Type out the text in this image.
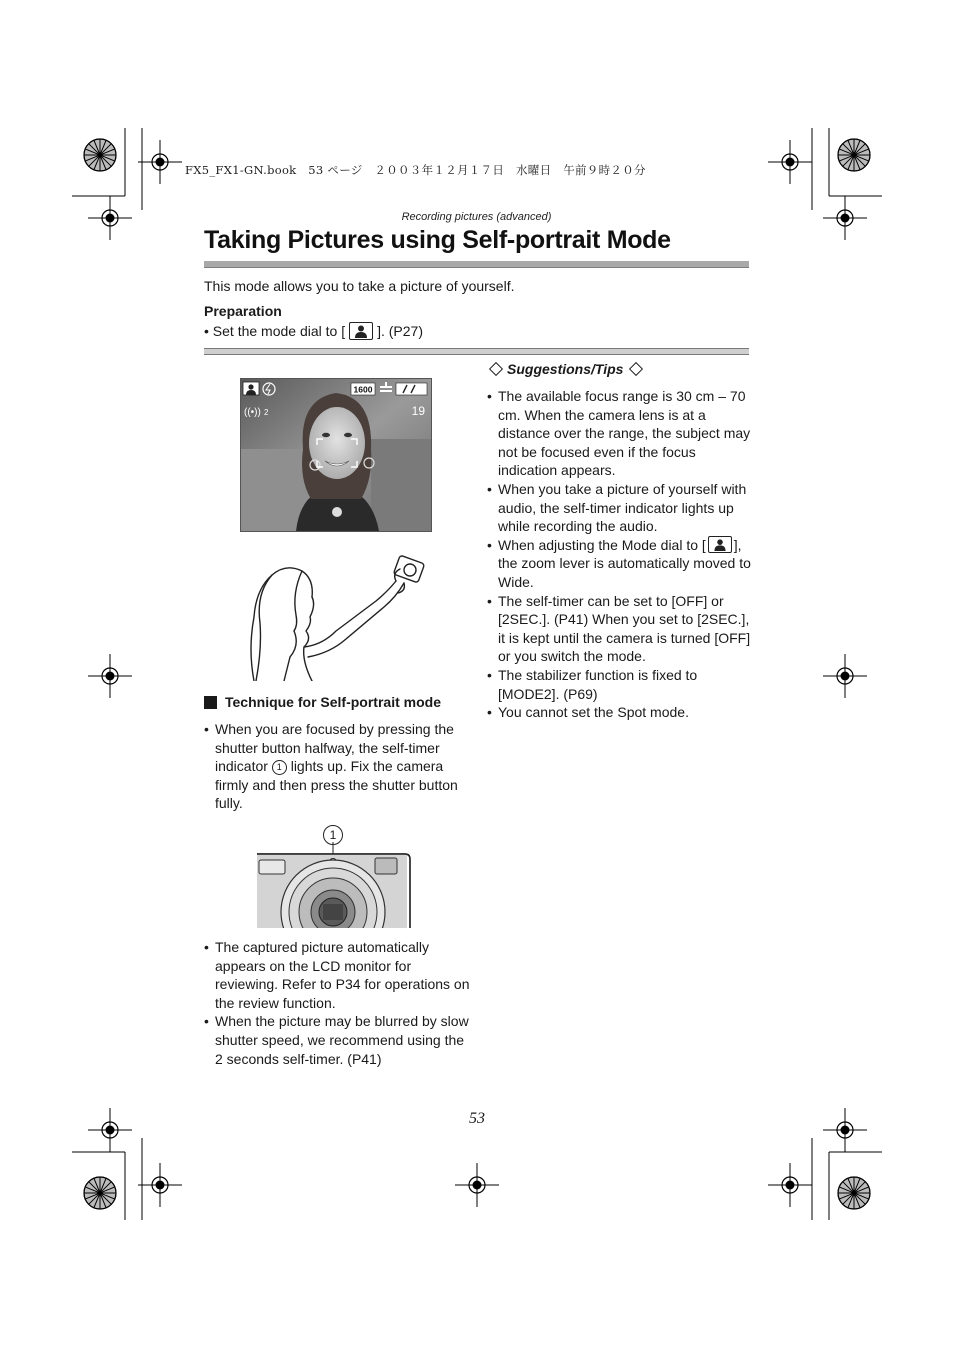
FX5_FX1-GN.book　53 ページ　２００３年１２月１７日　水曜日　午前９時２０分
Recording pictures (advanced)
Taking Pictures using Self-portrait Mode
This mode allows you to take a picture of yourself.
Preparation
• Set the mode dial to [ ]. (P27)
1600
((•)) 2	19
Technique for Self-portrait mode
• When you are focused by pressing the shutter button halfway, the self-timer indicator 1 lights up. Fix the camera firmly and then press the shutter button fully.
1
• The captured picture automatically appears on the LCD monitor for reviewing. Refer to P34 for operations on the review function.
• When the picture may be blurred by slow shutter speed, we recommend using the 2 seconds self-timer. (P41)
Suggestions/Tips
• The available focus range is 30 cm – 70 cm. When the camera lens is at a distance over the range, the subject may not be focused even if the focus indication appears.
• When you take a picture of yourself with audio, the self-timer indicator lights up while recording the audio.
• When adjusting the Mode dial to [ ], the zoom lever is automatically moved to Wide.
• The self-timer can be set to [OFF] or [2SEC.]. (P41) When you set to [2SEC.], it is kept until the camera is turned [OFF] or you switch the mode.
• The stabilizer function is fixed to [MODE2]. (P69)
• You cannot set the Spot mode.
53
